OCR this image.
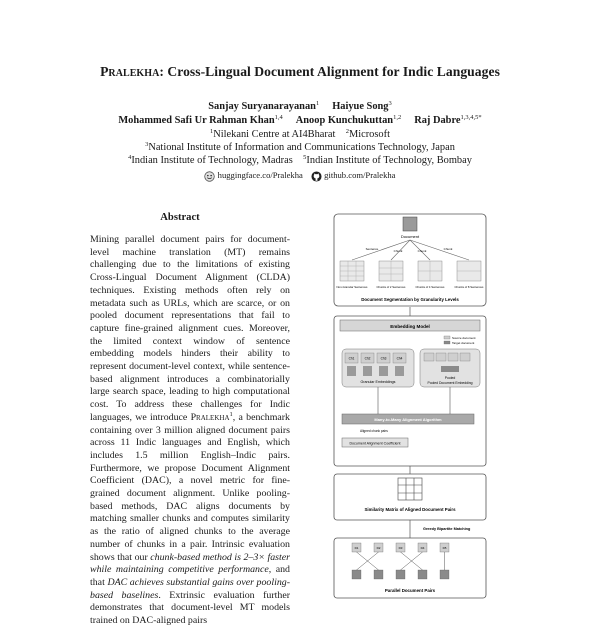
Pralekha: Cross-Lingual Document Alignment for Indic Languages
Sanjay Suryanarayanan$^1$ Haiyue Song$^3$
Mohammed Safi Ur Rahman Khan$^{1,4}$ Anoop Kunchukuttan$^{1,2}$ Raj Dabre$^{1,3,4,5*}$
$^1$Nilekani Centre at AI4Bharat $^2$Microsoft
$^3$National Institute of Information and Communications Technology, Japan
$^4$Indian Institute of Technology, Madras $^5$Indian Institute of Technology, Bombay
huggingface.co/Pralekha github.com/Pralekha
Abstract
Mining parallel document pairs for document-level machine translation (MT) remains challenging due to the limitations of existing Cross-Lingual Document Alignment (CLDA) techniques. Existing methods often rely on metadata such as URLs, which are scarce, or on pooled document representations that fail to capture fine-grained alignment cues. Moreover, the limited context window of sentence embedding models hinders their ability to represent document-level context, while sentence-based alignment introduces a combinatorially large search space, leading to high computational cost. To address these challenges for Indic languages, we introduce Pralekha$^1$, a benchmark containing over 3 million aligned document pairs across 11 Indic languages and English, which includes 1.5 million English–Indic pairs. Furthermore, we propose Document Alignment Coefficient (DAC), a novel metric for fine-grained document alignment. Unlike pooling-based methods, DAC aligns documents by matching smaller chunks and computes similarity as the ratio of aligned chunks to the average number of chunks in a pair. Intrinsic evaluation shows that our chunk-based method is 2–3× faster while maintaining competitive performance, and that DAC achieves substantial gains over pooling-based baselines. Extrinsic evaluation further demonstrates that document-level MT models trained on DAC-aligned pairs
Document
Sentence	Chunk	Chunk	Chunk
Non-Granular Sentences	Chunks of 2 Sentences	Chunks of 4 Sentences	Chunks of 8 Sentences
Document Segmentation by Granularity Levels
Embedding Model
Source document
Target document
Ch1	Ch2	Ch3	Ch4
Granular Embeddings
Pooled
Pooled Document Embedding
Many-to-Many Alignment Algorithm
Aligned chunk pairs
Document Alignment Coefficient
Similarity Matrix of Aligned Document Pairs
Greedy Bipartite Matching
D1	D2	D3	D4	D5
Parallel Document Pairs
